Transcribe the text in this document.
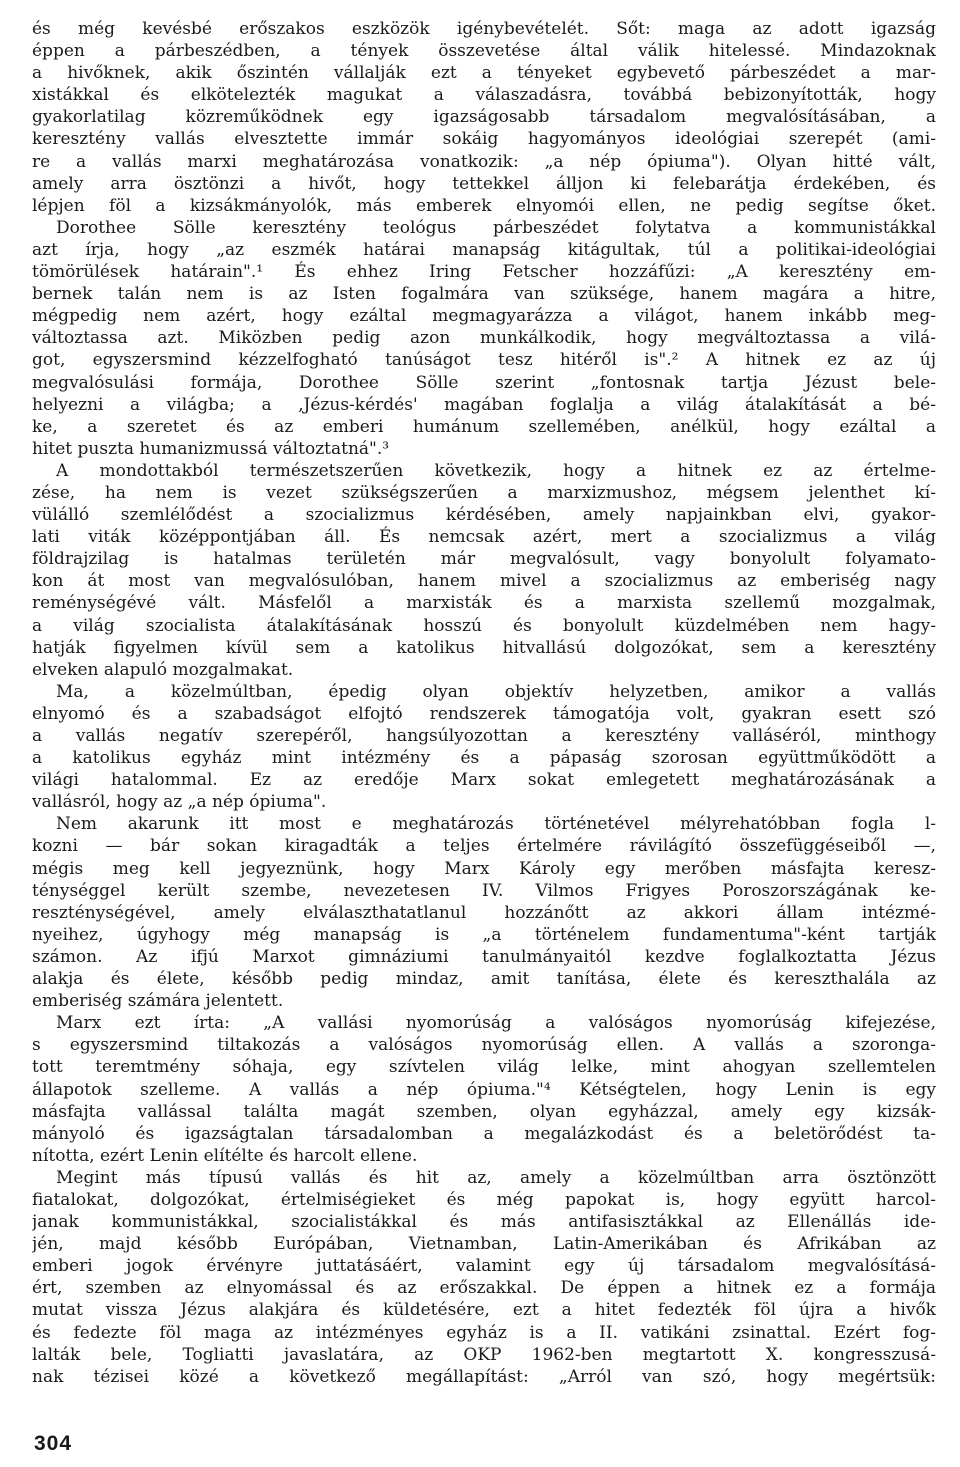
és még kevésbé erőszakos eszközök igénybevételét. Sőt: maga az adott igazság
éppen a párbeszédben, a tények összevetése által válik hitelessé. Mindazoknak
a hivőknek, akik őszintén vállalják ezt a tényeket egybevető párbeszédet a mar-
xistákkal és elkötelezték magukat a válaszadásra, továbbá bebizonyították, hogy
gyakorlatilag közreműködnek egy igazságosabb társadalom megvalósításában, a
keresztény vallás elvesztette immár sokáig hagyományos ideológiai szerepét (ami-
re a vallás marxi meghatározása vonatkozik: „a nép ópiuma"). Olyan hitté vált,
amely arra ösztönzi a hivőt, hogy tettekkel álljon ki felebarátja érdekében, és
lépjen föl a kizsákmányolók, más emberek elnyomói ellen, ne pedig segítse őket.
Dorothee Sölle keresztény teológus párbeszédet folytatva a kommunistákkal
azt írja, hogy „az eszmék határai manapság kitágultak, túl a politikai-ideológiai
tömörülések határain".¹ És ehhez Iring Fetscher hozzáfűzi: „A keresztény em-
bernek talán nem is az Isten fogalmára van szüksége, hanem magára a hitre,
mégpedig nem azért, hogy ezáltal megmagyarázza a világot, hanem inkább meg-
változtassa azt. Miközben pedig azon munkálkodik, hogy megváltoztassa a vilá-
got, egyszersmind kézzelfogható tanúságot tesz hitéről is".² A hitnek ez az új
megvalósulási formája, Dorothee Sölle szerint „fontosnak tartja Jézust bele-
helyezni a világba; a ‚Jézus-kérdés' magában foglalja a világ átalakítását a bé-
ke, a szeretet és az emberi humánum szellemében, anélkül, hogy ezáltal a
hitet puszta humanizmussá változtatná".³
A mondottakból természetszerűen következik, hogy a hitnek ez az értelme-
zése, ha nem is vezet szükségszerűen a marxizmushoz, mégsem jelenthet kí-
vülálló szemlélődést a szocializmus kérdésében, amely napjainkban elvi, gyakor-
lati viták középpontjában áll. És nemcsak azért, mert a szocializmus a világ
földrajzilag is hatalmas területén már megvalósult, vagy bonyolult folyamato-
kon át most van megvalósulóban, hanem mivel a szocializmus az emberiség nagy
reménységévé vált. Másfelől a marxisták és a marxista szellemű mozgalmak,
a világ szocialista átalakításának hosszú és bonyolult küzdelmében nem hagy-
hatják figyelmen kívül sem a katolikus hitvallású dolgozókat, sem a keresztény
elveken alapuló mozgalmakat.
Ma, a közelmúltban, épedig olyan objektív helyzetben, amikor a vallás
elnyomó és a szabadságot elfojtó rendszerek támogatója volt, gyakran esett szó
a vallás negatív szerepéről, hangsúlyozottan a keresztény valláséról, minthogy
a katolikus egyház mint intézmény és a pápaság szorosan együttműködött a
világi hatalommal. Ez az eredője Marx sokat emlegetett meghatározásának a
vallásról, hogy az „a nép ópiuma".
Nem akarunk itt most e meghatározás történetével mélyrehatóbban fogla l-
kozni — bár sokan kiragadták a teljes értelmére rávilágító összefüggéseiből —,
mégis meg kell jegyeznünk, hogy Marx Károly egy merőben másfajta keresz-
ténységgel került szembe, nevezetesen IV. Vilmos Frigyes Poroszországának ke-
reszténységével, amely elválaszthatatlanul hozzánőtt az akkori állam intézmé-
nyeihez, úgyhogy még manapság is „a történelem fundamentuma"-ként tartják
számon. Az ifjú Marxot gimnáziumi tanulmányaitól kezdve foglalkoztatta Jézus
alakja és élete, később pedig mindaz, amit tanítása, élete és kereszthalála az
emberiség számára jelentett.
Marx ezt írta: „A vallási nyomorúság a valóságos nyomorúság kifejezése,
s egyszersmind tiltakozás a valóságos nyomorúság ellen. A vallás a szoronga-
tott teremtmény sóhaja, egy szívtelen világ lelke, mint ahogyan szellemtelen
állapotok szelleme. A vallás a nép ópiuma."⁴ Kétségtelen, hogy Lenin is egy
másfajta vallással találta magát szemben, olyan egyházzal, amely egy kizsák-
mányoló és igazságtalan társadalomban a megalázkodást és a beletörődést ta-
nította, ezért Lenin elítélte és harcolt ellene.
Megint más típusú vallás és hit az, amely a közelmúltban arra ösztönzött
fiatalokat, dolgozókat, értelmiségieket és még papokat is, hogy együtt harcol-
janak kommunistákkal, szocialistákkal és más antifasisztákkal az Ellenállás ide-
jén, majd később Európában, Vietnamban, Latin-Amerikában és Afrikában az
emberi jogok érvényre juttatásáért, valamint egy új társadalom megvalósításá-
ért, szemben az elnyomással és az erőszakkal. De éppen a hitnek ez a formája
mutat vissza Jézus alakjára és küldetésére, ezt a hitet fedezték föl újra a hivők
és fedezte föl maga az intézményes egyház is a II. vatikáni zsinattal. Ezért fog-
lalták bele, Togliatti javaslatára, az OKP 1962-ben megtartott X. kongresszusá-
nak tézisei közé a következő megállapítást: „Arról van szó, hogy megértsük:
304
